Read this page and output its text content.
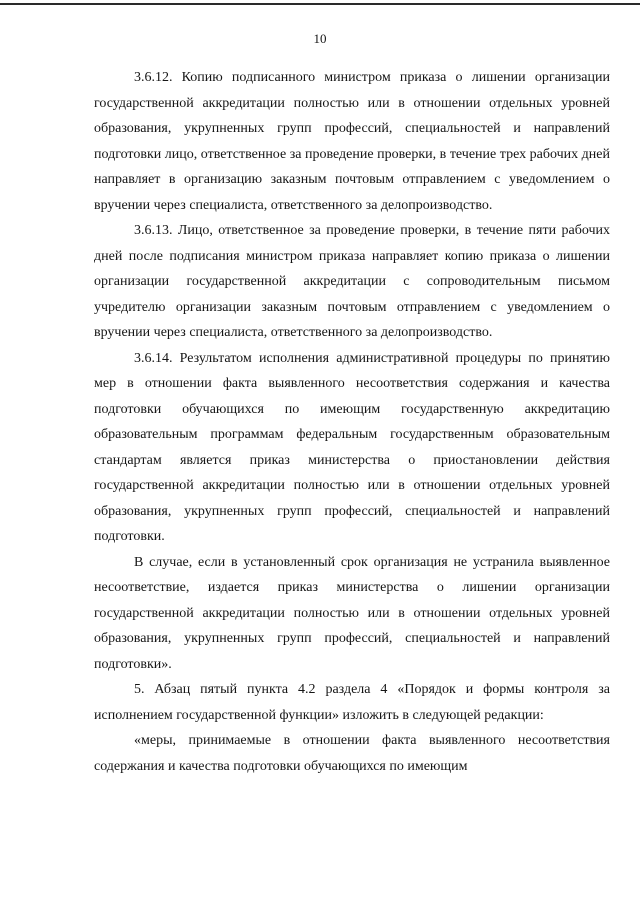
10

3.6.12. Копию подписанного министром приказа о лишении организации государственной аккредитации полностью или в отношении отдельных уровней образования, укрупненных групп профессий, специальностей и направлений подготовки лицо, ответственное за проведение проверки, в течение трех рабочих дней направляет в организацию заказным почтовым отправлением с уведомлением о вручении через специалиста, ответственного за делопроизводство.

3.6.13. Лицо, ответственное за проведение проверки, в течение пяти рабочих дней после подписания министром приказа направляет копию приказа о лишении организации государственной аккредитации с сопроводительным письмом учредителю организации заказным почтовым отправлением с уведомлением о вручении через специалиста, ответственного за делопроизводство.

3.6.14. Результатом исполнения административной процедуры по принятию мер в отношении факта выявленного несоответствия содержания и качества подготовки обучающихся по имеющим государственную аккредитацию образовательным программам федеральным государственным образовательным стандартам является приказ министерства о приостановлении действия государственной аккредитации полностью или в отношении отдельных уровней образования, укрупненных групп профессий, специальностей и направлений подготовки.

В случае, если в установленный срок организация не устранила выявленное несоответствие, издается приказ министерства о лишении организации государственной аккредитации полностью или в отношении отдельных уровней образования, укрупненных групп профессий, специальностей и направлений подготовки».

5. Абзац пятый пункта 4.2 раздела 4 «Порядок и формы контроля за исполнением государственной функции» изложить в следующей редакции:

«меры, принимаемые в отношении факта выявленного несоответствия содержания и качества подготовки обучающихся по имеющим
